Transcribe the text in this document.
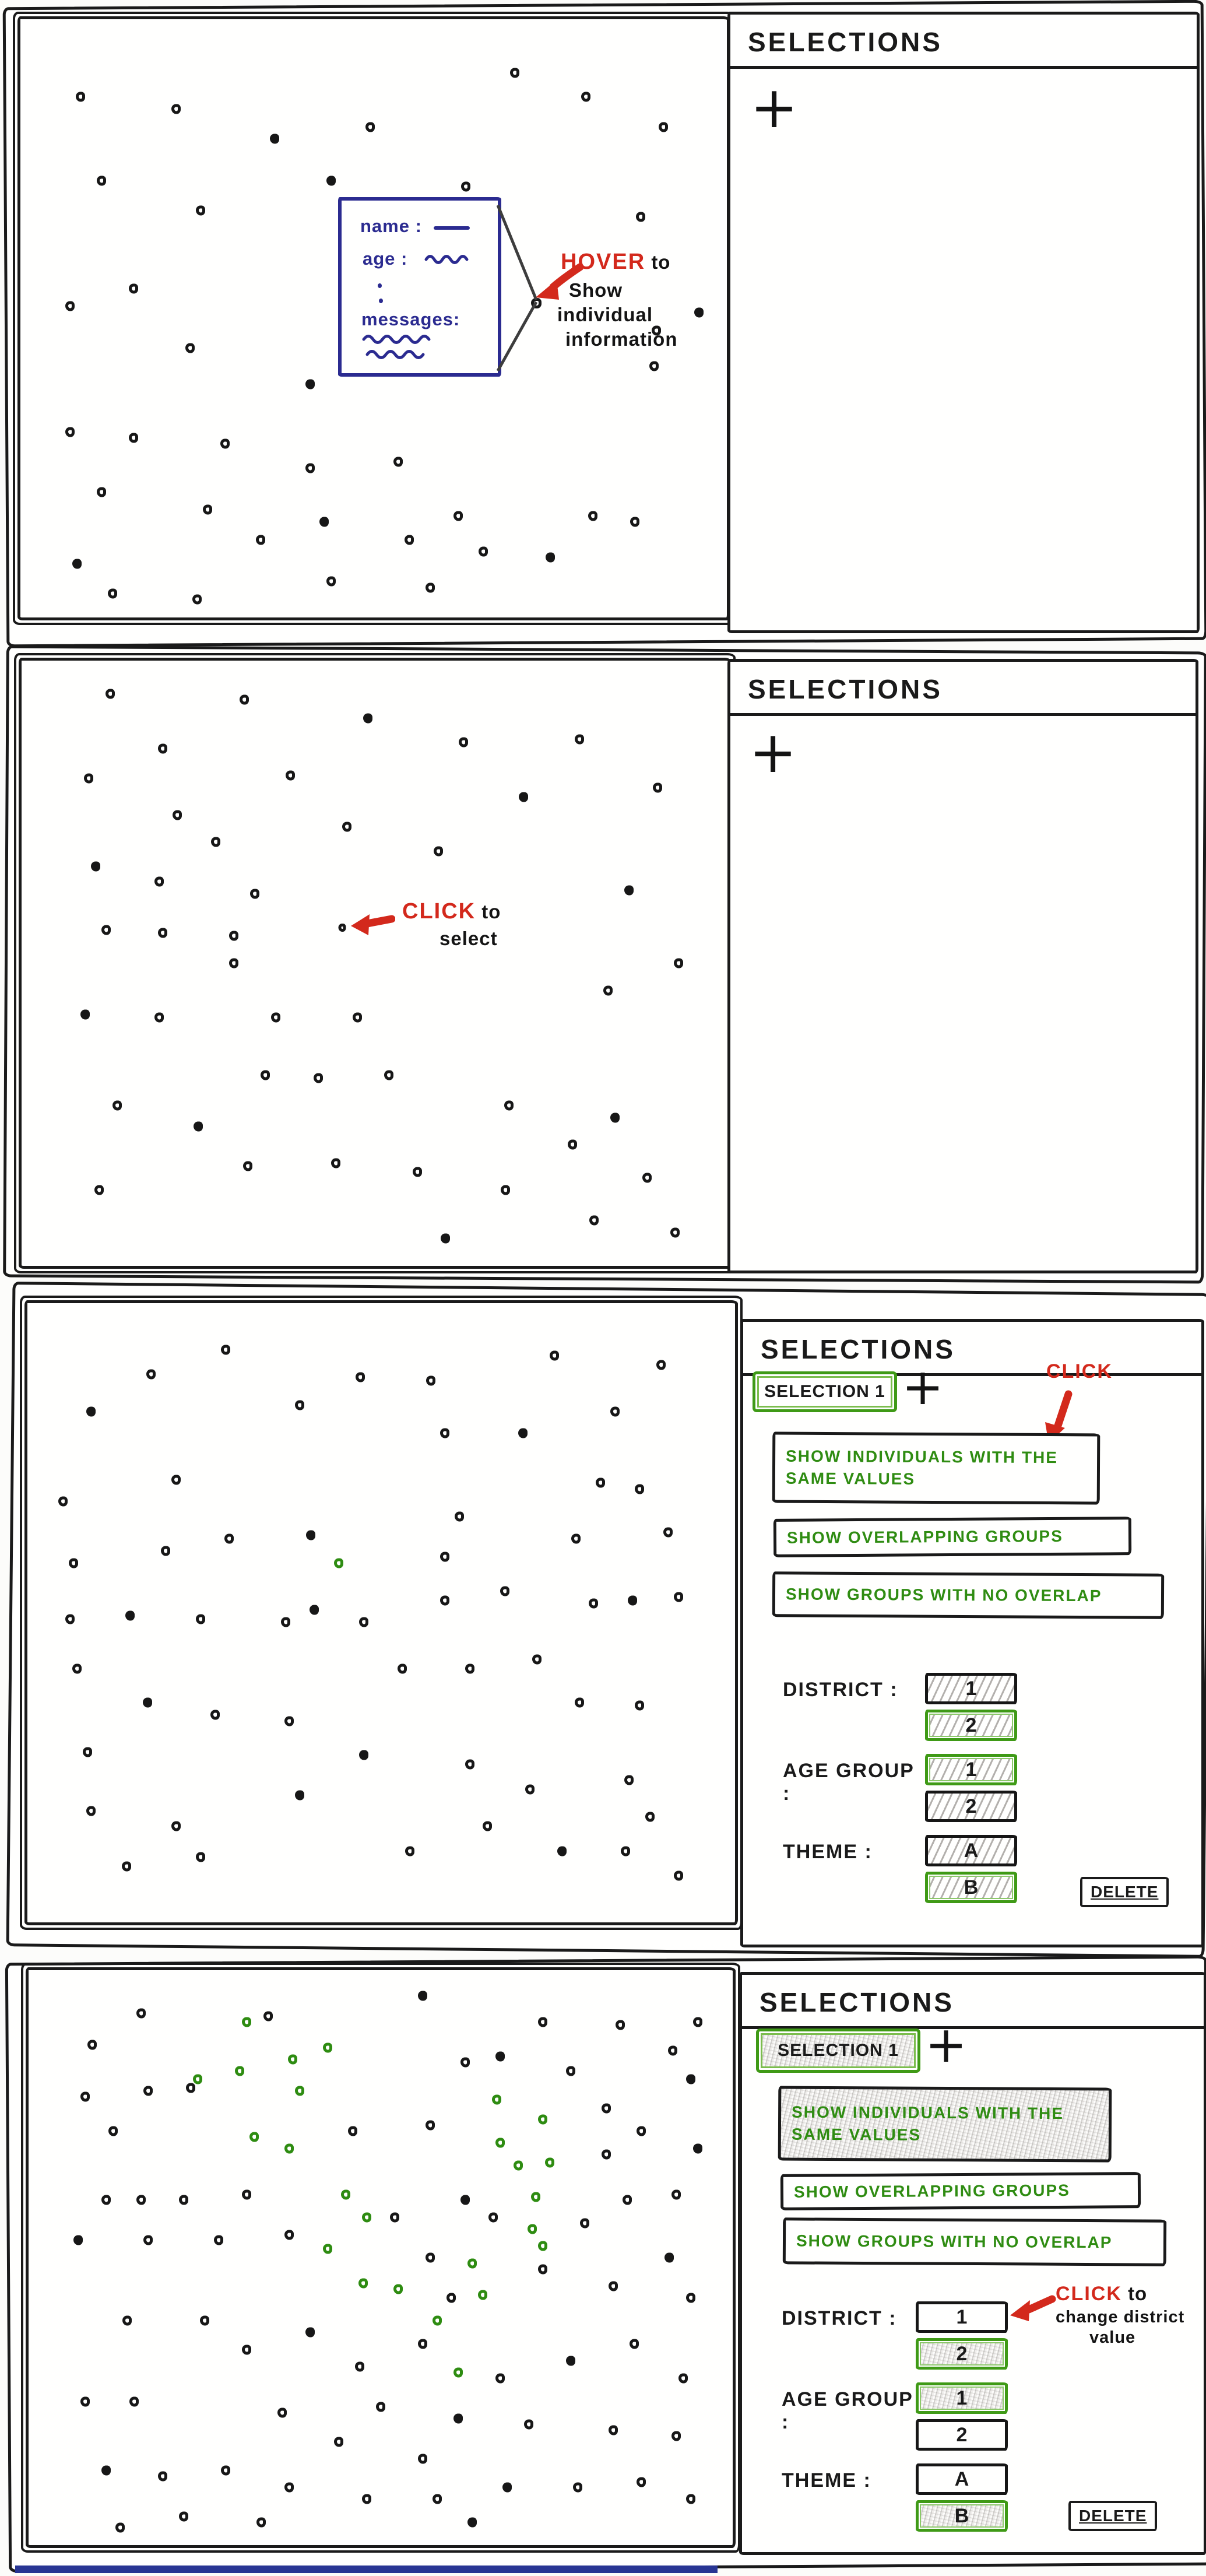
name :
age :
messages:
HOVER to
Show
individual
information
SELECTIONS
+
CLICK to
select
SELECTIONS
+
SELECTIONS
SELECTION 1 +	CLICK
SHOW INDIVIDUALS WITH THE SAME VALUES
SHOW OVERLAPPING GROUPS
SHOW GROUPS WITH NO OVERLAP
DISTRICT :	1
2
AGE GROUP :
1
2
THEME :	A
B	DELETE
SELECTIONS
SELECTION 1 +
SHOW INDIVIDUALS WITH THE SAME VALUES
SHOW OVERLAPPING GROUPS
SHOW GROUPS WITH NO OVERLAP
CLICK to
change district
value
DISTRICT :	1
2
AGE GROUP :
1
2
THEME :	A
B	DELETE
